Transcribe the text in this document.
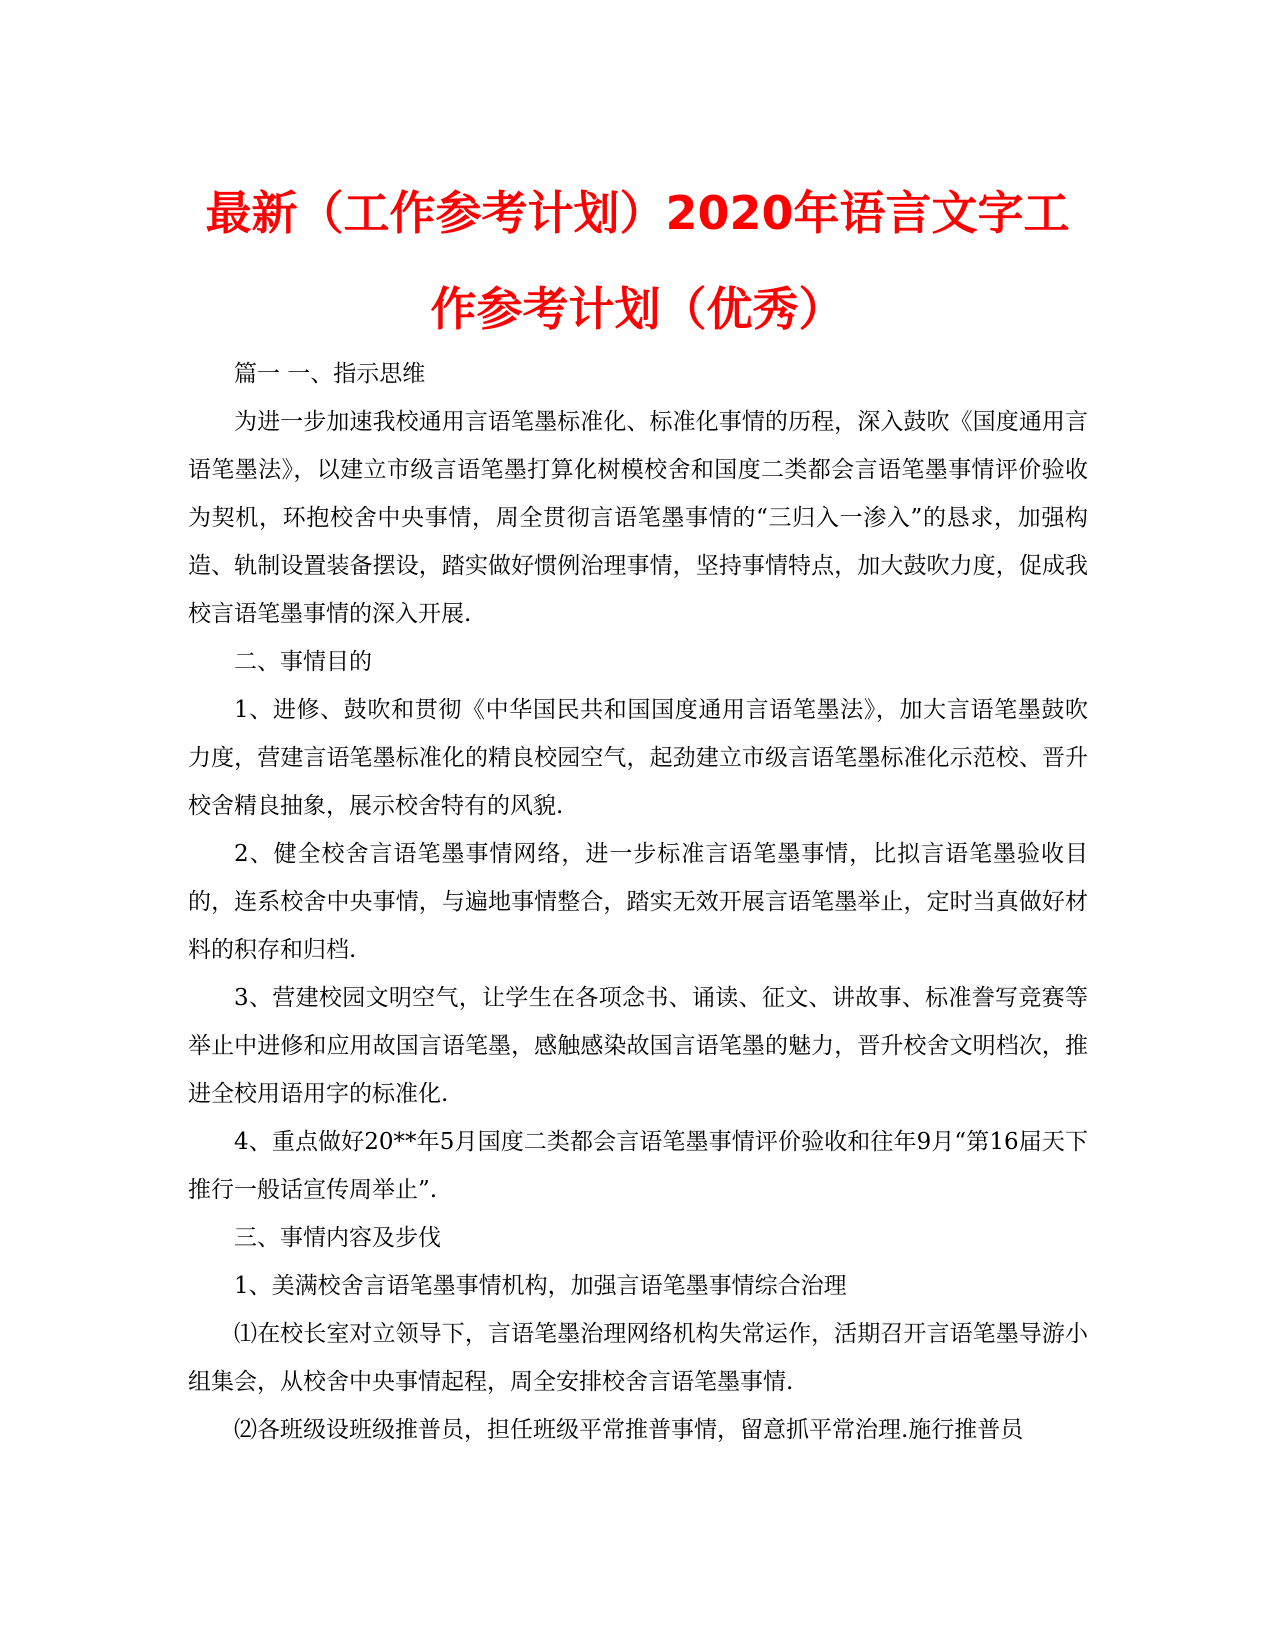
最新（工作参考计划）2020年语言文字工
作参考计划（优秀）

篇一 一、指示思维

为进一步加速我校通用言语笔墨标准化、标准化事情的历程，深入鼓吹《国度通用言语笔墨法》，以建立市级言语笔墨打算化树模校舍和国度二类都会言语笔墨事情评价验收为契机，环抱校舍中央事情，周全贯彻言语笔墨事情的“三归入一渗入”的恳求，加强构造、轨制设置装备摆设，踏实做好惯例治理事情，坚持事情特点，加大鼓吹力度，促成我校言语笔墨事情的深入开展.

二、事情目的

1、进修、鼓吹和贯彻《中华国民共和国国度通用言语笔墨法》，加大言语笔墨鼓吹力度，营建言语笔墨标准化的精良校园空气，起劲建立市级言语笔墨标准化示范校、晋升校舍精良抽象，展示校舍特有的风貌.

2、健全校舍言语笔墨事情网络，进一步标准言语笔墨事情，比拟言语笔墨验收目的，连系校舍中央事情，与遍地事情整合，踏实无效开展言语笔墨举止，定时当真做好材料的积存和归档.

3、营建校园文明空气，让学生在各项念书、诵读、征文、讲故事、标准誊写竞赛等举止中进修和应用故国言语笔墨，感触感染故国言语笔墨的魅力，晋升校舍文明档次，推进全校用语用字的标准化.

4、重点做好20**年5月国度二类都会言语笔墨事情评价验收和往年9月“第16届天下推行一般话宣传周举止”.

三、事情内容及步伐

1、美满校舍言语笔墨事情机构，加强言语笔墨事情综合治理

⑴在校长室对立领导下，言语笔墨治理网络机构失常运作，活期召开言语笔墨导游小组集会，从校舍中央事情起程，周全安排校舍言语笔墨事情.

⑵各班级设班级推普员，担任班级平常推普事情，留意抓平常治理.施行推普员
